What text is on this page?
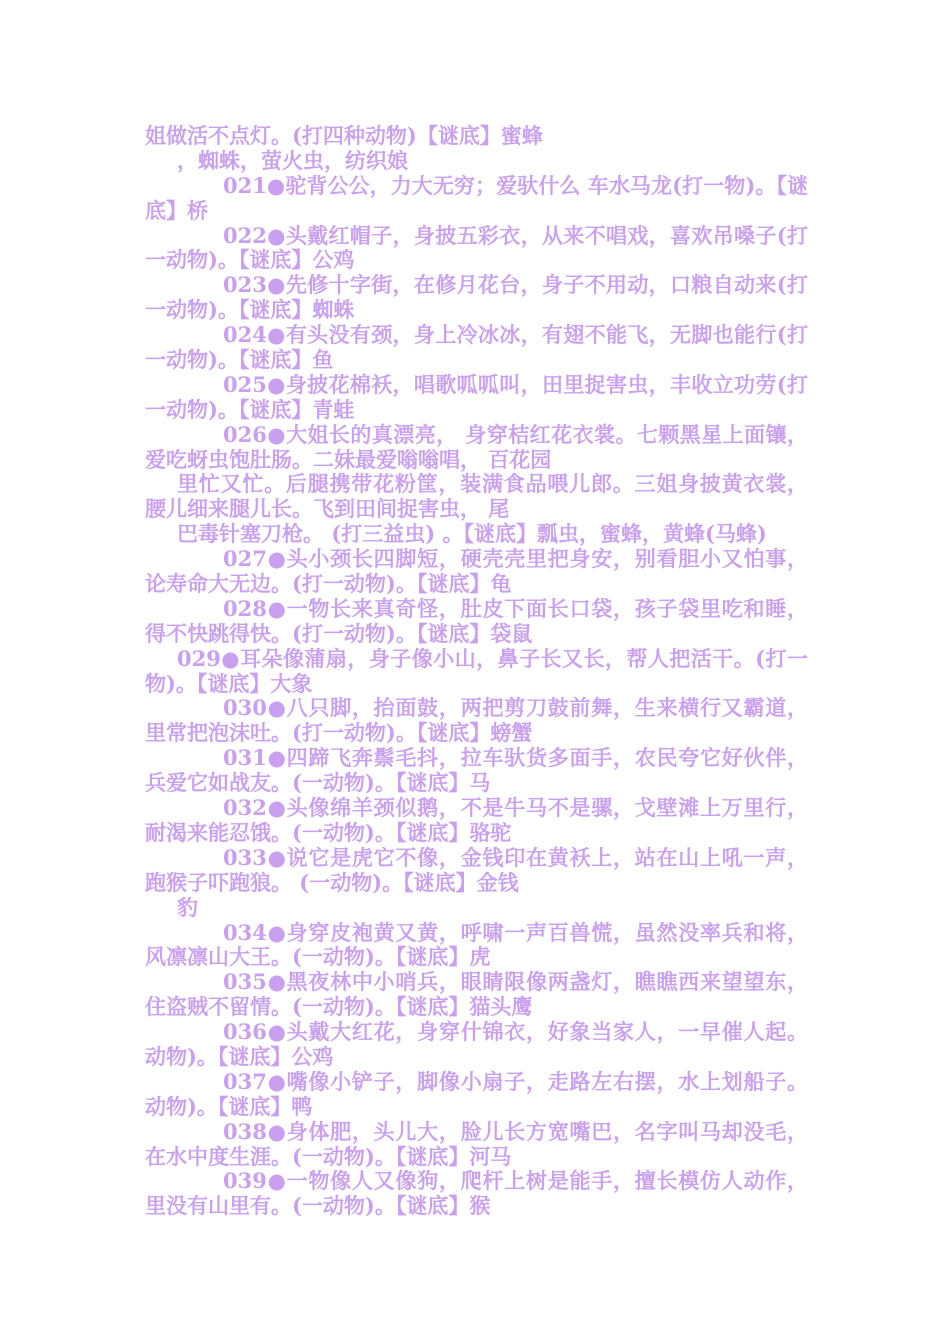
姐做活不点灯。(打四种动物)【谜底】蜜蜂
，蜘蛛，萤火虫，纺织娘
021●驼背公公，力大无穷；爱驮什么 车水马龙(打一物)。【谜
底】桥
022●头戴红帽子，身披五彩衣，从来不唱戏，喜欢吊嗓子(打
一动物)。【谜底】公鸡
023●先修十字街，在修月花台，身子不用动，口粮自动来(打
一动物)。【谜底】蜘蛛
024●有头没有颈，身上冷冰冰，有翅不能飞，无脚也能行(打
一动物)。【谜底】鱼
025●身披花棉袄，唱歌呱呱叫，田里捉害虫，丰收立功劳(打
一动物)。【谜底】青蛙
026●大姐长的真漂亮， 身穿桔红花衣裳。七颗黑星上面镶，
爱吃蚜虫饱肚肠。二妹最爱嗡嗡唱， 百花园
里忙又忙。后腿携带花粉筐，装满食品喂儿郎。三姐身披黄衣裳，
腰儿细来腿儿长。飞到田间捉害虫， 尾
巴毒针塞刀枪。 (打三益虫) 。【谜底】瓢虫，蜜蜂，黄蜂(马蜂)
027●头小颈长四脚短，硬壳壳里把身安，别看胆小又怕事，
论寿命大无边。(打一动物)。【谜底】龟
028●一物长来真奇怪，肚皮下面长口袋，孩子袋里吃和睡，
得不快跳得快。(打一动物)。【谜底】袋鼠
029●耳朵像蒲扇，身子像小山，鼻子长又长，帮人把活干。(打一
物)。【谜底】大象
030●八只脚，抬面鼓，两把剪刀鼓前舞，生来横行又霸道，
里常把泡沫吐。(打一动物)。【谜底】螃蟹
031●四蹄飞奔鬃毛抖，拉车驮货多面手，农民夸它好伙伴，
兵爱它如战友。(一动物)。【谜底】马
032●头像绵羊颈似鹅，不是牛马不是骡，戈壁滩上万里行，
耐渴来能忍饿。(一动物)。【谜底】骆驼
033●说它是虎它不像，金钱印在黄袄上，站在山上吼一声，
跑猴子吓跑狼。 (一动物)。【谜底】金钱
豹
034●身穿皮袍黄又黄，呼啸一声百兽慌，虽然没率兵和将，
风凛凛山大王。(一动物)。【谜底】虎
035●黑夜林中小哨兵，眼睛限像两盏灯，瞧瞧西来望望东，
住盗贼不留情。(一动物)。【谜底】猫头鹰
036●头戴大红花，身穿什锦衣，好象当家人，一早催人起。
动物)。【谜底】公鸡
037●嘴像小铲子，脚像小扇子，走路左右摆，水上划船子。
动物)。【谜底】鸭
038●身体肥，头儿大，脸儿长方宽嘴巴，名字叫马却没毛，
在水中度生涯。(一动物)。【谜底】河马
039●一物像人又像狗，爬杆上树是能手，擅长模仿人动作，
里没有山里有。(一动物)。【谜底】猴
